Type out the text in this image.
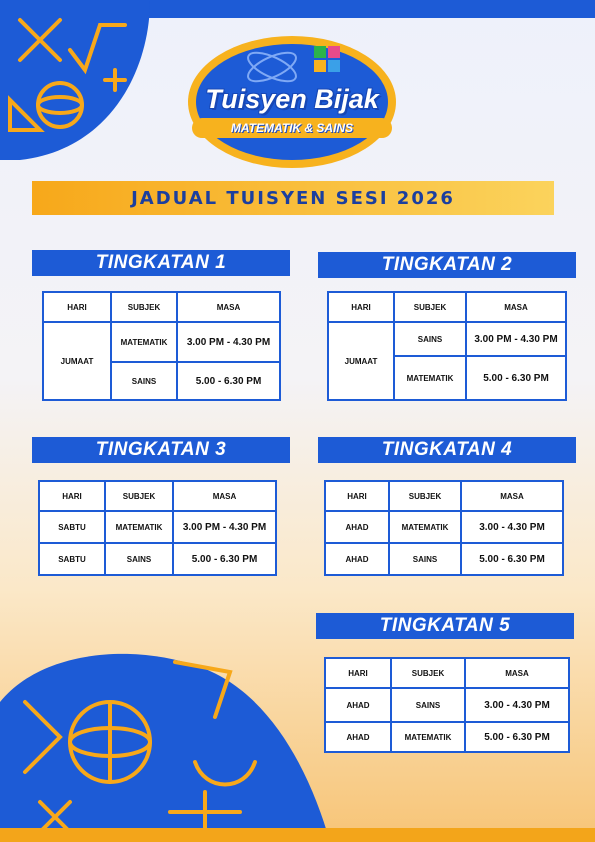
Tuisyen Bijak
MATEMATIK & SAINS
JADUAL TUISYEN SESI 2026
TINGKATAN 1	TINGKATAN 2
TINGKATAN 3	TINGKATAN 4
TINGKATAN 5
HARI	SUBJEK	MASA
JUMAAT	MATEMATIK	3.00 PM - 4.30 PM
	SAINS	5.00 - 6.30 PM
HARI	SUBJEK	MASA
JUMAAT	SAINS	3.00 PM - 4.30 PM
	MATEMATIK	5.00 - 6.30 PM
HARI	SUBJEK	MASA
SABTU	MATEMATIK	3.00 PM - 4.30 PM
SABTU	SAINS	5.00 - 6.30 PM
HARI	SUBJEK	MASA
AHAD	MATEMATIK	3.00 - 4.30 PM
AHAD	SAINS	5.00 - 6.30 PM
HARI	SUBJEK	MASA
AHAD	SAINS	3.00 - 4.30 PM
AHAD	MATEMATIK	5.00 - 6.30 PM
